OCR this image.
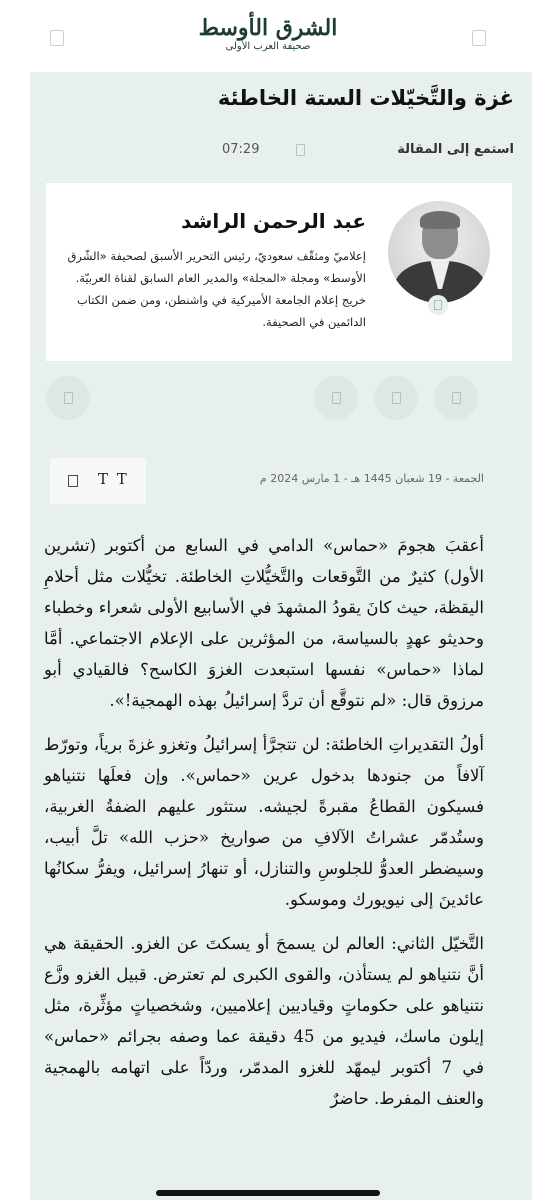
الشرق الأوسط
صحيفة العرب الأولى
غزة والتَّخيّلات الستة الخاطئة
استمع إلى المقالة
07:29
عبد الرحمن الراشد

إعلاميّ ومثقّف سعوديّ، رئيس التحرير الأسبق لصحيفة «الشّرق الأوسط» ومجلة «المجلة» والمدير العام السابق لقناة العربيّة. خريج إعلام الجامعة الأميركية في واشنطن، ومن ضمن الكتاب الدائمين في الصحيفة.

T T	الجمعة - 19 شعبان 1445 هـ - 1 مارس 2024 م

أعقبَ هجومَ «حماس» الدامي في السابع من أكتوبر (تشرين الأول) كثيرٌ من التَّوقعات والتَّخيُّلاتِ الخاطئة. تخيُّلات مثل أحلامِ اليقظة، حيث كانَ يقودُ المشهدَ في الأسابيع الأولى شعراء وخطباء وحديثو عهدٍ بالسياسة، من المؤثرين على الإعلام الاجتماعي. أمَّا لماذا «حماس» نفسها استبعدت الغزوَ الكاسح؟ فالقيادي أبو مرزوق قال: «لم نتوقَّع أن تردَّ إسرائيلُ بهذه الهمجية!».

أولُ التقديراتِ الخاطئة: لن تتجرَّأ إسرائيلُ وتغزو غزةَ برياً، وتورّط آلافاً من جنودها بدخول عرين «حماس». وإن فعلَها نتنياهو فسيكون القطاعُ مقبرةً لجيشه. ستثور عليهم الضفةُ الغربية، وستُدمّر عشراتُ الآلافِ من صواريخ «حزب الله» تلَّ أبيب، وسيضطر العدوُّ للجلوسِ والتنازل، أو تنهارُ إسرائيل، ويفرُّ سكانُها عائدينَ إلى نيويورك وموسكو.

التَّخيّل الثاني: العالم لن يسمحَ أو يسكتَ عن الغزو. الحقيقة هي أنَّ نتنياهو لم يستأذن، والقوى الكبرى لم تعترض. قبيل الغزو وزَّع نتنياهو على حكوماتٍ وقياديين إعلاميين، وشخصياتٍ مؤثِّرة، مثل إيلون ماسك، فيديو من 45 دقيقة عما وصفه بجرائم «حماس» في 7 أكتوبر ليمهّد للغزو المدمّر، وردّاً على اتهامه بالهمجية والعنف المفرط. حاضرٌ
